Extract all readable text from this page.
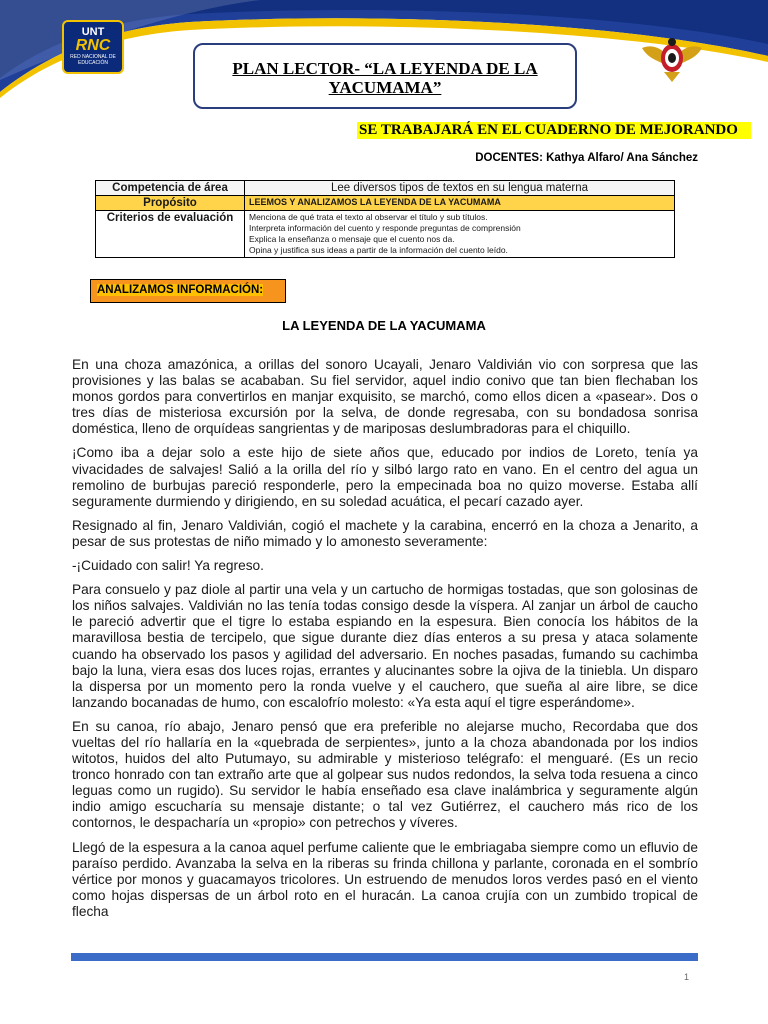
UNT
RNC
RED NACIONAL DE EDUCACIÓN	PLAN LECTOR- “LA LEYENDA DE LA
YACUMAMA”
SE TRABAJARÁ EN EL CUADERNO DE MEJORANDO
DOCENTES: Kathya Alfaro/ Ana Sánchez
Competencia de área	Lee diversos tipos de textos en su lengua materna
Propósito	LEEMOS Y ANALIZAMOS LA LEYENDA DE LA YACUMAMA
Criterios de evaluación	Menciona de qué trata el texto al observar el título y sub títulos.
Interpreta información del cuento y responde preguntas de comprensión
Explica la enseñanza o mensaje que el cuento nos da.
Opina y justifica sus ideas a partir de la información del cuento leído.
ANALIZAMOS INFORMACIÓN:
LA LEYENDA DE LA YACUMAMA

En una choza amazónica, a orillas del sonoro Ucayali, Jenaro Valdivián vio con sorpresa que las provisiones y las balas se acababan. Su fiel servidor, aquel indio conivo que tan bien flechaban los monos gordos para convertirlos en manjar exquisito, se marchó, como ellos dicen a «pasear». Dos o tres días de misteriosa excursión por la selva, de donde regresaba, con su bondadosa sonrisa doméstica, lleno de orquídeas sangrientas y de mariposas deslumbradoras para el chiquillo.

¡Como iba a dejar solo a este hijo de siete años que, educado por indios de Loreto, tenía ya vivacidades de salvajes! Salió a la orilla del río y silbó largo rato en vano. En el centro del agua un remolino de burbujas pareció responderle, pero la empecinada boa no quizo moverse. Estaba allí seguramente durmiendo y dirigiendo, en su soledad acuática, el pecarí cazado ayer.

Resignado al fin, Jenaro Valdivián, cogió el machete y la carabina, encerró en la choza a Jenarito, a pesar de sus protestas de niño mimado y lo amonesto severamente:

-¡Cuidado con salir! Ya regreso.

Para consuelo y paz diole al partir una vela y un cartucho de hormigas tostadas, que son golosinas de los niños salvajes. Valdivián no las tenía todas consigo desde la víspera. Al zanjar un árbol de caucho le pareció advertir que el tigre lo estaba espiando en la espesura. Bien conocía los hábitos de la maravillosa bestia de tercipelo, que sigue durante diez días enteros a su presa y ataca solamente cuando ha observado los pasos y agilidad del adversario. En noches pasadas, fumando su cachimba bajo la luna, viera esas dos luces rojas, errantes y alucinantes sobre la ojiva de la tiniebla. Un disparo la dispersa por un momento pero la ronda vuelve y el cauchero, que sueña al aire libre, se dice lanzando bocanadas de humo, con escalofrío molesto: «Ya esta aquí el tigre esperándome».

En su canoa, río abajo, Jenaro pensó que era preferible no alejarse mucho, Recordaba que dos vueltas del río hallaría en la «quebrada de serpientes», junto a la choza abandonada por los indios witotos, huidos del alto Putumayo, su admirable y misterioso telégrafo: el menguaré. (Es un recio tronco honrado con tan extraño arte que al golpear sus nudos redondos, la selva toda resuena a cinco leguas como un rugido). Su servidor le había enseñado esa clave inalámbrica y seguramente algún indio amigo escucharía su mensaje distante; o tal vez Gutiérrez, el cauchero más rico de los contornos, le despacharía un «propio» con petrechos y víveres.

Llegó de la espesura a la canoa aquel perfume caliente que le embriagaba siempre como un efluvio de paraíso perdido. Avanzaba la selva en la riberas su frinda chillona y parlante, coronada en el sombrío vértice por monos y guacamayos tricolores. Un estruendo de menudos loros verdes pasó en el viento como hojas dispersas de un árbol roto en el huracán. La canoa crujía con un zumbido tropical de flecha

1
